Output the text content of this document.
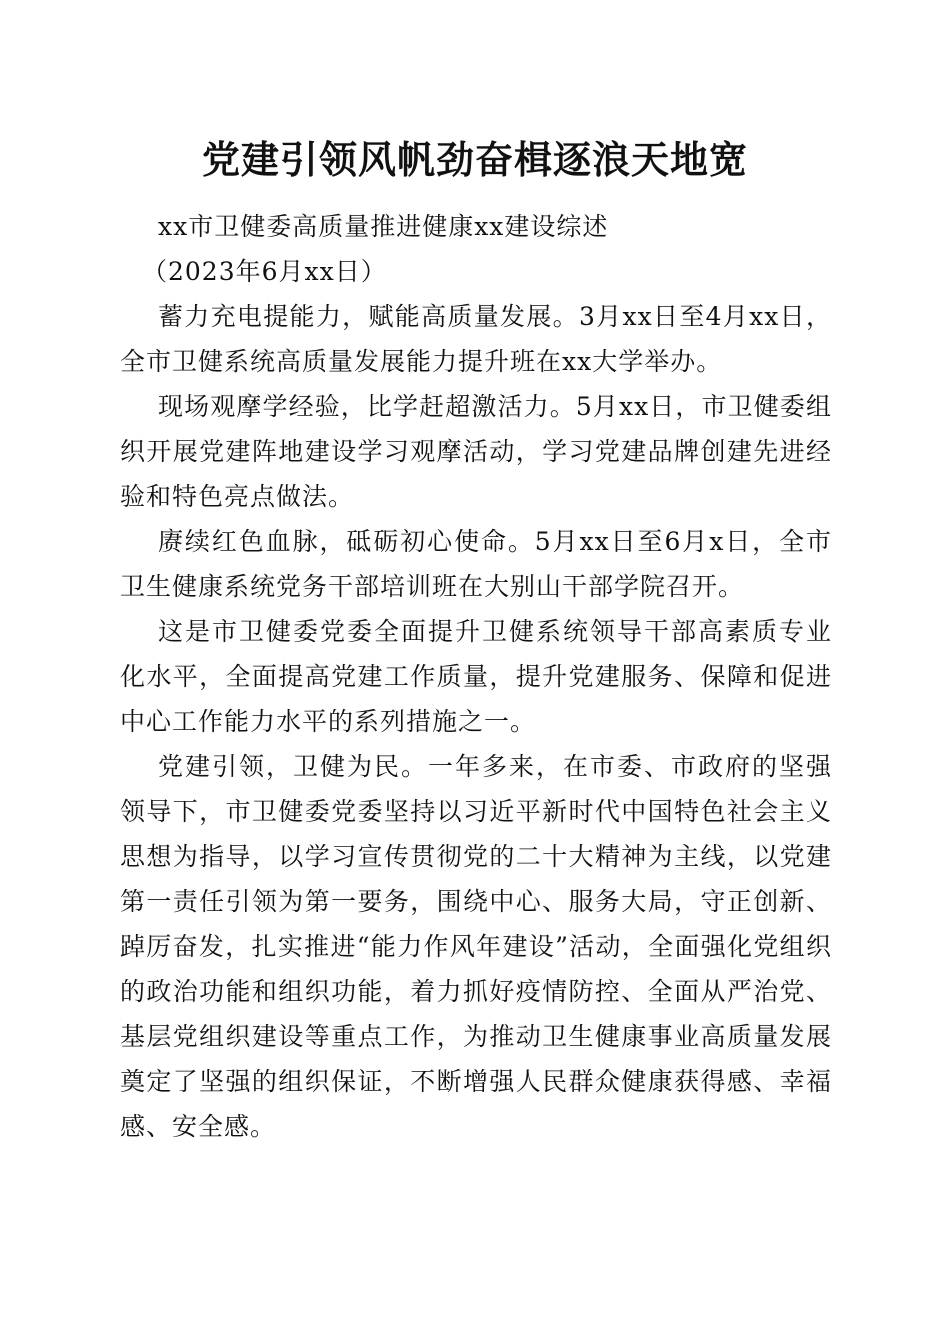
党建引领风帆劲奋楫逐浪天地宽

xx市卫健委高质量推进健康xx建设综述

（2023年6月xx日）

蓄力充电提能力，赋能高质量发展。3月xx日至4月xx日，全市卫健系统高质量发展能力提升班在xx大学举办。

现场观摩学经验，比学赶超激活力。5月xx日，市卫健委组织开展党建阵地建设学习观摩活动，学习党建品牌创建先进经验和特色亮点做法。

赓续红色血脉，砥砺初心使命。5月xx日至6月x日，全市卫生健康系统党务干部培训班在大别山干部学院召开。

这是市卫健委党委全面提升卫健系统领导干部高素质专业化水平，全面提高党建工作质量，提升党建服务、保障和促进中心工作能力水平的系列措施之一。

党建引领，卫健为民。一年多来，在市委、市政府的坚强领导下，市卫健委党委坚持以习近平新时代中国特色社会主义思想为指导，以学习宣传贯彻党的二十大精神为主线，以党建第一责任引领为第一要务，围绕中心、服务大局，守正创新、踔厉奋发，扎实推进“能力作风年建设”活动，全面强化党组织的政治功能和组织功能，着力抓好疫情防控、全面从严治党、基层党组织建设等重点工作，为推动卫生健康事业高质量发展奠定了坚强的组织保证，不断增强人民群众健康获得感、幸福感、安全感。
